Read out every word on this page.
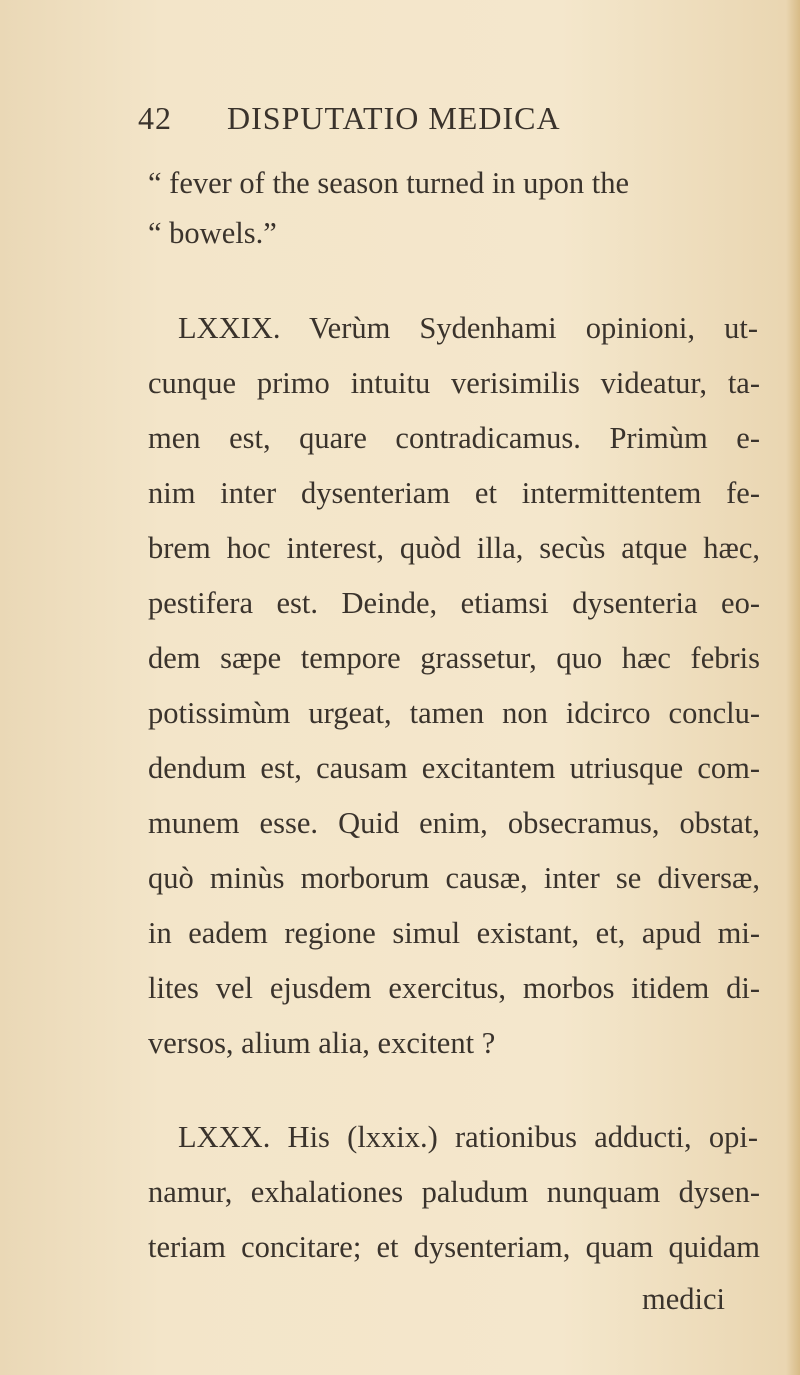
42 DISPUTATIO MEDICA
“ fever of the season turned in upon the
“ bowels.”
LXXIX. Verùm Sydenhami opinioni, ut-
cunque primo intuitu verisimilis videatur, ta-
men est, quare contradicamus. Primùm e-
nim inter dysenteriam et intermittentem fe-
brem hoc interest, quòd illa, secùs atque hæc,
pestifera est. Deinde, etiamsi dysenteria eo-
dem sæpe tempore grassetur, quo hæc febris
potissimùm urgeat, tamen non idcirco conclu-
dendum est, causam excitantem utriusque com-
munem esse. Quid enim, obsecramus, obstat,
quò minùs morborum causæ, inter se diversæ,
in eadem regione simul existant, et, apud mi-
lites vel ejusdem exercitus, morbos itidem di-
versos, alium alia, excitent ?
LXXX. His (lxxix.) rationibus adducti, opi-
namur, exhalationes paludum nunquam dysen-
teriam concitare; et dysenteriam, quam quidam
medici
